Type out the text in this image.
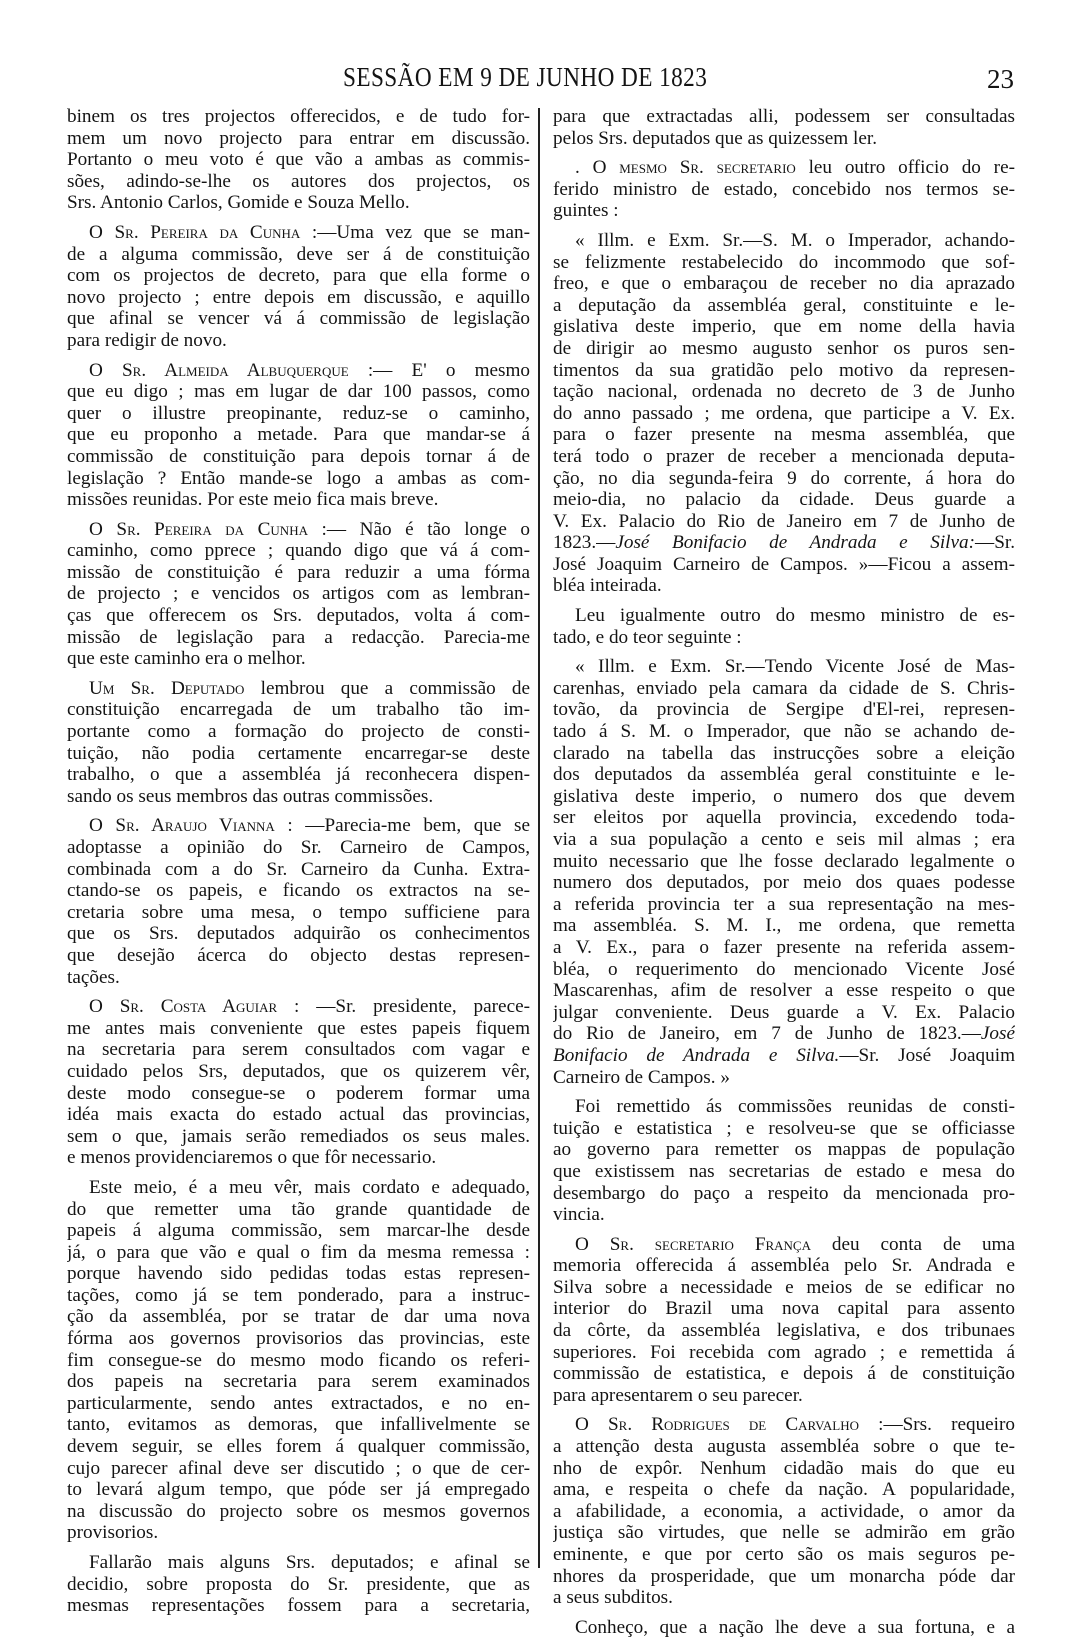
SESSÃO EM 9 DE JUNHO DE 1823	23
binem os tres projectos offerecidos, e de tudo for-
mem um novo projecto para entrar em discussão.
Portanto o meu voto é que vão a ambas as commis-
sões, adindo-se-lhe os autores dos projectos, os
Srs. Antonio Carlos, Gomide e Souza Mello.
O Sr. Pereira da Cunha :—Uma vez que se man-
de a alguma commissão, deve ser á de constituição
com os projectos de decreto, para que ella forme o
novo projecto ; entre depois em discussão, e aquillo
que afinal se vencer vá á commissão de legislação
para redigir de novo.
O Sr. Almeida Albuquerque :— E' o mesmo
que eu digo ; mas em lugar de dar 100 passos, como
quer o illustre preopinante, reduz-se o caminho,
que eu proponho a metade. Para que mandar-se á
commissão de constituição para depois tornar á de
legislação ? Então mande-se logo a ambas as com-
missões reunidas. Por este meio fica mais breve.
O Sr. Pereira da Cunha :— Não é tão longe o
caminho, como pprece ; quando digo que vá á com-
missão de constituição é para reduzir a uma fórma
de projecto ; e vencidos os artigos com as lembran-
ças que offerecem os Srs. deputados, volta á com-
missão de legislação para a redacção. Parecia-me
que este caminho era o melhor.
Um Sr. Deputado lembrou que a commissão de
constituição encarregada de um trabalho tão im-
portante como a formação do projecto de consti-
tuição, não podia certamente encarregar-se deste
trabalho, o que a assembléa já reconhecera dispen-
sando os seus membros das outras commissões.
O Sr. Araujo Vianna : —Parecia-me bem, que se
adoptasse a opinião do Sr. Carneiro de Campos,
combinada com a do Sr. Carneiro da Cunha. Extra-
ctando-se os papeis, e ficando os extractos na se-
cretaria sobre uma mesa, o tempo sufficiene para
que os Srs. deputados adquirão os conhecimentos
que desejão ácerca do objecto destas represen-
tações.
O Sr. Costa Aguiar : —Sr. presidente, parece-
me antes mais conveniente que estes papeis fiquem
na secretaria para serem consultados com vagar e
cuidado pelos Srs, deputados, que os quizerem vêr,
deste modo consegue-se o poderem formar uma
idéa mais exacta do estado actual das provincias,
sem o que, jamais serão remediados os seus males.
e menos providenciaremos o que fôr necessario.
Este meio, é a meu vêr, mais cordato e adequado,
do que remetter uma tão grande quantidade de
papeis á alguma commissão, sem marcar-lhe desde
já, o para que vão e qual o fim da mesma remessa :
porque havendo sido pedidas todas estas represen-
tações, como já se tem ponderado, para a instruc-
ção da assembléa, por se tratar de dar uma nova
fórma aos governos provisorios das provincias, este
fim consegue-se do mesmo modo ficando os referi-
dos papeis na secretaria para serem examinados
particularmente, sendo antes extractados, e no en-
tanto, evitamos as demoras, que infallivelmente se
devem seguir, se elles forem á qualquer commissão,
cujo parecer afinal deve ser discutido ; o que de cer-
to levará algum tempo, que póde ser já empregado
na discussão do projecto sobre os mesmos governos
provisorios.
Fallarão mais alguns Srs. deputados; e afinal se
decidio, sobre proposta do Sr. presidente, que as
mesmas representações fossem para a secretaria,
para que extractadas alli, podessem ser consultadas
pelos Srs. deputados que as quizessem ler.
. O mesmo Sr. secretario leu outro officio do re-
ferido ministro de estado, concebido nos termos se-
guintes :
« Illm. e Exm. Sr.—S. M. o Imperador, achando-
se felizmente restabelecido do incommodo que sof-
freo, e que o embaraçou de receber no dia aprazado
a deputação da assembléa geral, constituinte e le-
gislativa deste imperio, que em nome della havia
de dirigir ao mesmo augusto senhor os puros sen-
timentos da sua gratidão pelo motivo da represen-
tação nacional, ordenada no decreto de 3 de Junho
do anno passado ; me ordena, que participe a V. Ex.
para o fazer presente na mesma assembléa, que
terá todo o prazer de receber a mencionada deputa-
ção, no dia segunda-feira 9 do corrente, á hora do
meio-dia, no palacio da cidade. Deus guarde a
V. Ex. Palacio do Rio de Janeiro em 7 de Junho de
1823.—José Bonifacio de Andrada e Silva:—Sr.
José Joaquim Carneiro de Campos. »—Ficou a assem-
bléa inteirada.
Leu igualmente outro do mesmo ministro de es-
tado, e do teor seguinte :
« Illm. e Exm. Sr.—Tendo Vicente José de Mas-
carenhas, enviado pela camara da cidade de S. Chris-
tovão, da provincia de Sergipe d'El-rei, represen-
tado á S. M. o Imperador, que não se achando de-
clarado na tabella das instrucções sobre a eleição
dos deputados da assembléa geral constituinte e le-
gislativa deste imperio, o numero dos que devem
ser eleitos por aquella provincia, excedendo toda-
via a sua população a cento e seis mil almas ; era
muito necessario que lhe fosse declarado legalmente o
numero dos deputados, por meio dos quaes podesse
a referida provincia ter a sua representação na mes-
ma assembléa. S. M. I., me ordena, que remetta
a V. Ex., para o fazer presente na referida assem-
bléa, o requerimento do mencionado Vicente José
Mascarenhas, afim de resolver a esse respeito o que
julgar conveniente. Deus guarde a V. Ex. Palacio
do Rio de Janeiro, em 7 de Junho de 1823.—José
Bonifacio de Andrada e Silva.—Sr. José Joaquim
Carneiro de Campos. »
Foi remettido ás commissões reunidas de consti-
tuição e estatistica ; e resolveu-se que se officiasse
ao governo para remetter os mappas de população
que existissem nas secretarias de estado e mesa do
desembargo do paço a respeito da mencionada pro-
vincia.
O Sr. secretario França deu conta de uma
memoria offerecida á assembléa pelo Sr. Andrada e
Silva sobre a necessidade e meios de se edificar no
interior do Brazil uma nova capital para assento
da côrte, da assembléa legislativa, e dos tribunaes
superiores. Foi recebida com agrado ; e remettida á
commissão de estatistica, e depois á de constituição
para apresentarem o seu parecer.
O Sr. Rodrigues de Carvalho :—Srs. requeiro
a attenção desta augusta assembléa sobre o que te-
nho de expôr. Nenhum cidadão mais do que eu
ama, e respeita o chefe da nação. A popularidade,
a afabilidade, a economia, a actividade, o amor da
justiça são virtudes, que nelle se admirão em grão
eminente, e que por certo são os mais seguros pe-
nhores da prosperidade, que um monarcha póde dar
a seus subditos.
Conheço, que a nação lhe deve a sua fortuna, e a
